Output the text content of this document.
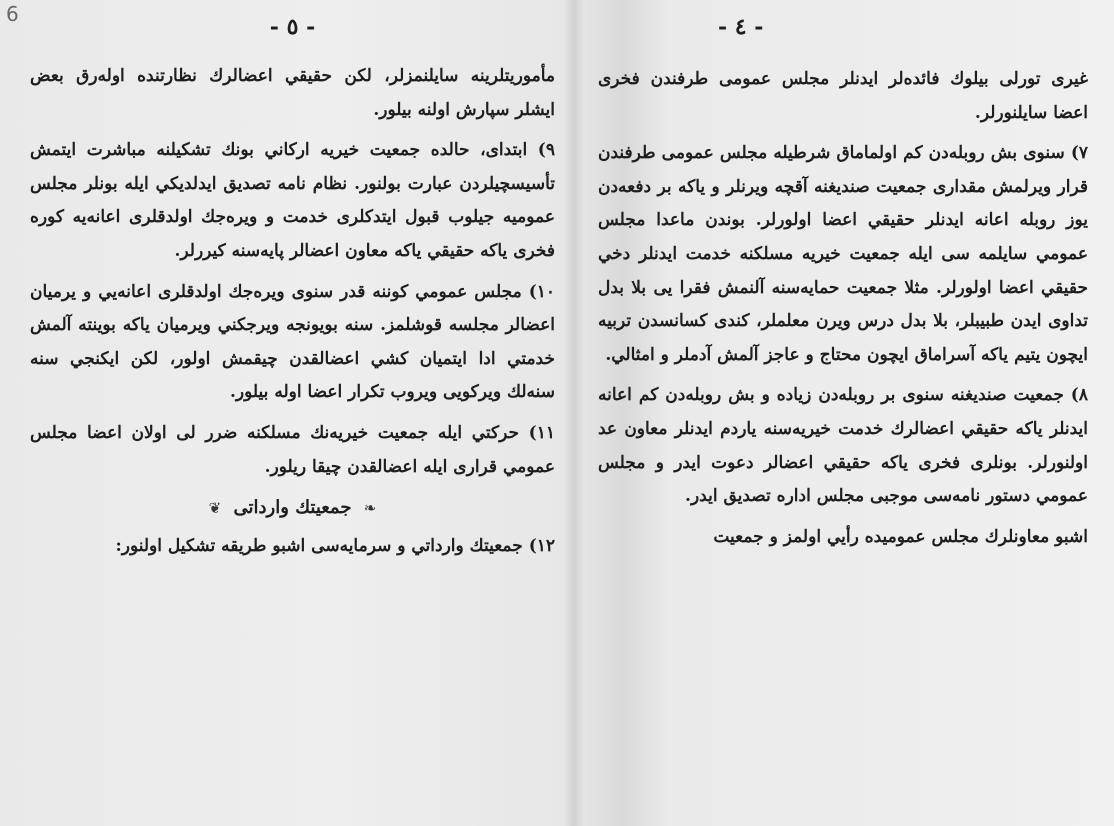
6	- ٥ -

مأموريتلرينه سايلنمزلر، لكن حقيقي اعضالرك نظارتنده اوله‌رق بعض ايشلر سپارش اولنه بيلور.

٩) ابتداى، حالده جمعيت خيريه اركاني بونك تشكيلنه مباشرت ايتمش تأسيسچيلردن عبارت بولنور. نظام نامه تصديق ايدلديكي ايله بونلر مجلس عموميه جيلوب قبول ايتدكلرى خدمت و ويره‌جك اولدقلرى اعانه‌يه كوره فخرى ياكه حقيقي ياكه معاون اعضالر پايه‌سنه كيررلر.

١٠) مجلس عمومي كوننه قدر سنوى ويره‌جك اولدقلرى اعانه‌يي و يرميان اعضالر مجلسه قوشلمز. سنه بويونجه ويرجكني ويرميان ياكه بوينته آلمش خدمتي ادا ايتميان كشي اعضالقدن چيقمش اولور، لكن ايكنجي سنه سنه‌لك ويركويى ويروب تكرار اعضا اوله بيلور.

١١) حركتي ايله جمعيت خيريه‌نك مسلكنه ضرر لى اولان اعضا مجلس عمومي قرارى ايله اعضالقدن چيقا ريلور.

❧ جمعيتك وارداتى ❦

١٢) جمعيتك وارداتي و سرمايه‌سى اشبو طريقه تشكيل اولنور:

- ٤ -

غيرى تورلى بيلوك فائده‌لر ايدنلر مجلس عمومى طرفندن فخرى اعضا سايلنورلر.

٧) سنوى بش روبله‌دن كم اولماماق شرطيله مجلس عمومى طرفندن قرار ويرلمش مقدارى جمعيت صنديغنه آقچه ويرنلر و ياكه بر دفعه‌دن يوز روبله اعانه ايدنلر حقيقي اعضا اولورلر. بوندن ماعدا مجلس عمومي سايلمه سى ايله جمعيت خيريه مسلكنه خدمت ايدنلر دخي حقيقي اعضا اولورلر. مثلا جمعيت حمايه‌سنه آلنمش فقرا يى بلا بدل تداوى ايدن طبيبلر، بلا بدل درس ويرن معلملر، كندى كسانسدن تربيه ايچون يتيم ياكه آسراماق ايچون محتاج و عاجز آلمش آدملر و امثالي.

٨) جمعيت صنديغنه سنوى بر روبله‌دن زياده و بش روبله‌دن كم اعانه ايدنلر ياكه حقيقي اعضالرك خدمت خيريه‌سنه ياردم ايدنلر معاون عد اولنورلر. بونلرى فخرى ياكه حقيقي اعضالر دعوت ايدر و مجلس عمومي دستور نامه‌سى موجبى مجلس اداره تصديق ايدر.

اشبو معاونلرك مجلس عموميده رأيي اولمز و جمعيت
